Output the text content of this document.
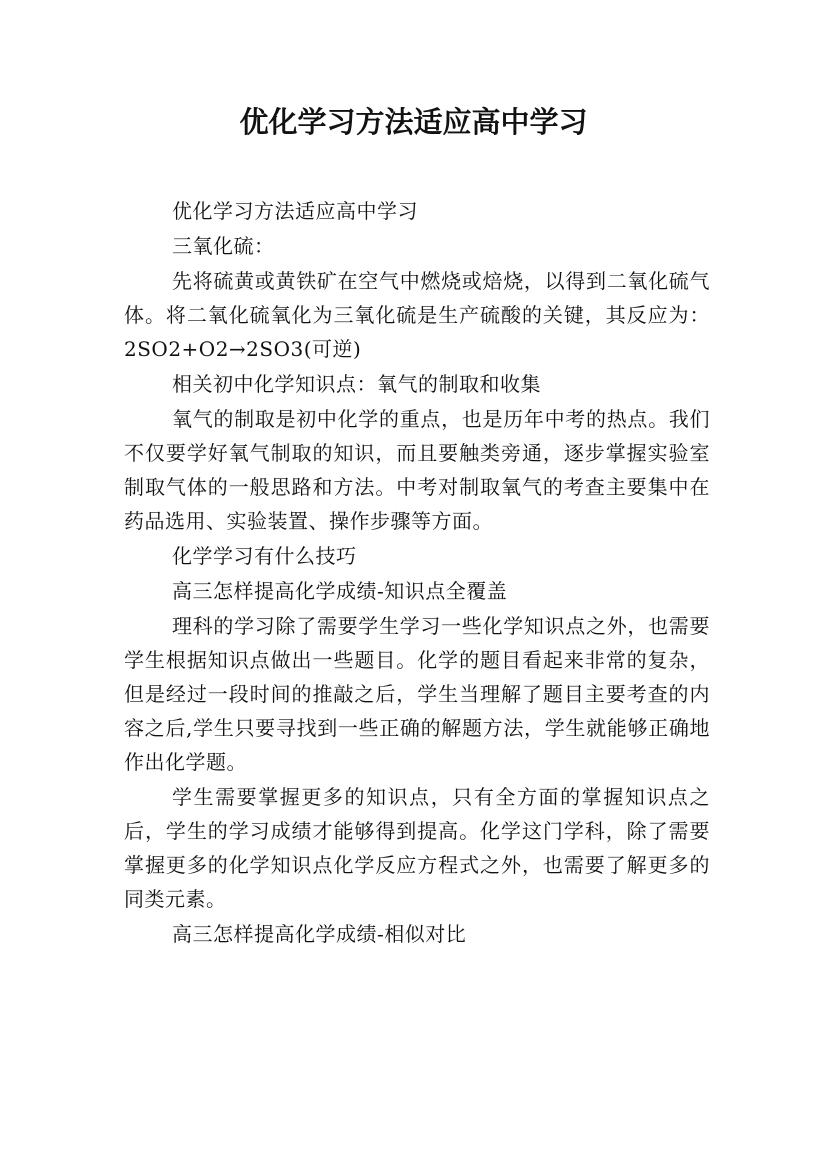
优化学习方法适应高中学习

优化学习方法适应高中学习

三氧化硫：

先将硫黄或黄铁矿在空气中燃烧或焙烧，以得到二氧化硫气体。将二氧化硫氧化为三氧化硫是生产硫酸的关键，其反应为： 2SO2+O2→2SO3(可逆)

相关初中化学知识点：氧气的制取和收集

氧气的制取是初中化学的重点，也是历年中考的热点。我们不仅要学好氧气制取的知识，而且要触类旁通，逐步掌握实验室制取气体的一般思路和方法。中考对制取氧气的考查主要集中在药品选用、实验装置、操作步骤等方面。

化学学习有什么技巧

高三怎样提高化学成绩-知识点全覆盖

理科的学习除了需要学生学习一些化学知识点之外，也需要学生根据知识点做出一些题目。化学的题目看起来非常的复杂，但是经过一段时间的推敲之后，学生当理解了题目主要考查的内容之后,学生只要寻找到一些正确的解题方法，学生就能够正确地作出化学题。

学生需要掌握更多的知识点，只有全方面的掌握知识点之后，学生的学习成绩才能够得到提高。化学这门学科，除了需要掌握更多的化学知识点化学反应方程式之外，也需要了解更多的同类元素。

高三怎样提高化学成绩-相似对比
